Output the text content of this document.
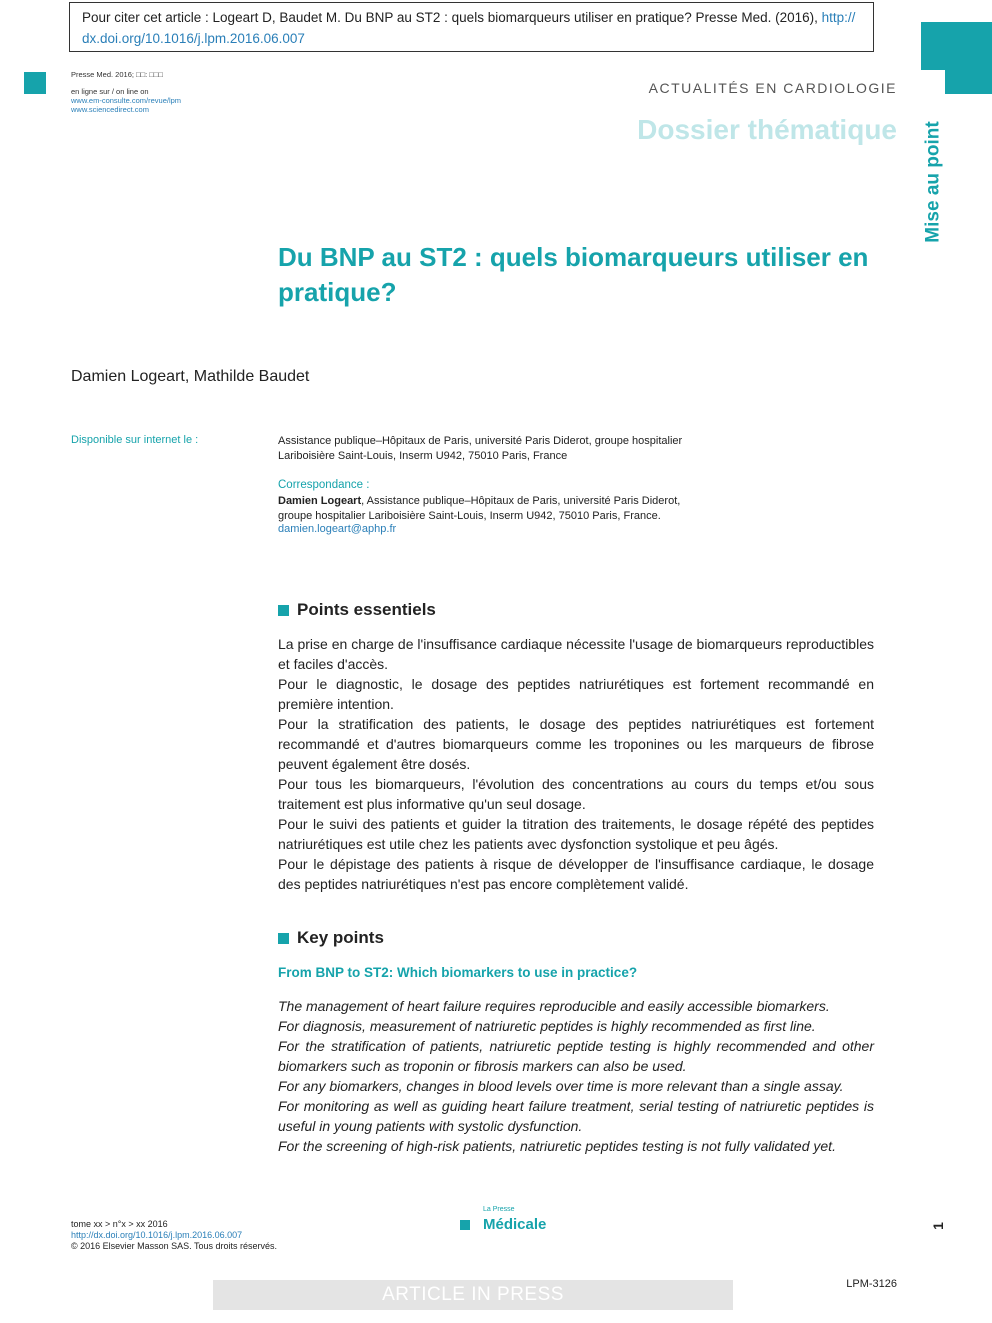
Pour citer cet article : Logeart D, Baudet M. Du BNP au ST2 : quels biomarqueurs utiliser en pratique? Presse Med. (2016), http://
dx.doi.org/10.1016/j.lpm.2016.06.007
Presse Med. 2016; □□: □□□
en ligne sur / on line on
www.em-consulte.com/revue/lpm
www.sciencedirect.com
ACTUALITÉS EN CARDIOLOGIE
Dossier thématique Mise au point
Du BNP au ST2 : quels biomarqueurs utiliser en pratique?
Damien Logeart, Mathilde Baudet
Disponible sur internet le :	Assistance publique–Hôpitaux de Paris, université Paris Diderot, groupe hospitalier Lariboisière Saint-Louis, Inserm U942, 75010 Paris, France
Correspondance :
Damien Logeart, Assistance publique–Hôpitaux de Paris, université Paris Diderot, groupe hospitalier Lariboisière Saint-Louis, Inserm U942, 75010 Paris, France.
damien.logeart@aphp.fr
Points essentiels

La prise en charge de l'insuffisance cardiaque nécessite l'usage de biomarqueurs reproductibles et faciles d'accès.

Pour le diagnostic, le dosage des peptides natriurétiques est fortement recommandé en première intention.

Pour la stratification des patients, le dosage des peptides natriurétiques est fortement recommandé et d'autres biomarqueurs comme les troponines ou les marqueurs de fibrose peuvent également être dosés.

Pour tous les biomarqueurs, l'évolution des concentrations au cours du temps et/ou sous traitement est plus informative qu'un seul dosage.

Pour le suivi des patients et guider la titration des traitements, le dosage répété des peptides natriurétiques est utile chez les patients avec dysfonction systolique et peu âgés.

Pour le dépistage des patients à risque de développer de l'insuffisance cardiaque, le dosage des peptides natriurétiques n'est pas encore complètement validé.

Key points
From BNP to ST2: Which biomarkers to use in practice?

The management of heart failure requires reproducible and easily accessible biomarkers.

For diagnosis, measurement of natriuretic peptides is highly recommended as first line.

For the stratification of patients, natriuretic peptide testing is highly recommended and other biomarkers such as troponin or fibrosis markers can also be used.

For any biomarkers, changes in blood levels over time is more relevant than a single assay.

For monitoring as well as guiding heart failure treatment, serial testing of natriuretic peptides is useful in young patients with systolic dysfunction.

For the screening of high-risk patients, natriuretic peptides testing is not fully validated yet.

tome xx > n°x > xx 2016
http://dx.doi.org/10.1016/j.lpm.2016.06.007
© 2016 Elsevier Masson SAS. Tous droits réservés.
La Presse
Médicale	1
ARTICLE IN PRESS	LPM-3126
